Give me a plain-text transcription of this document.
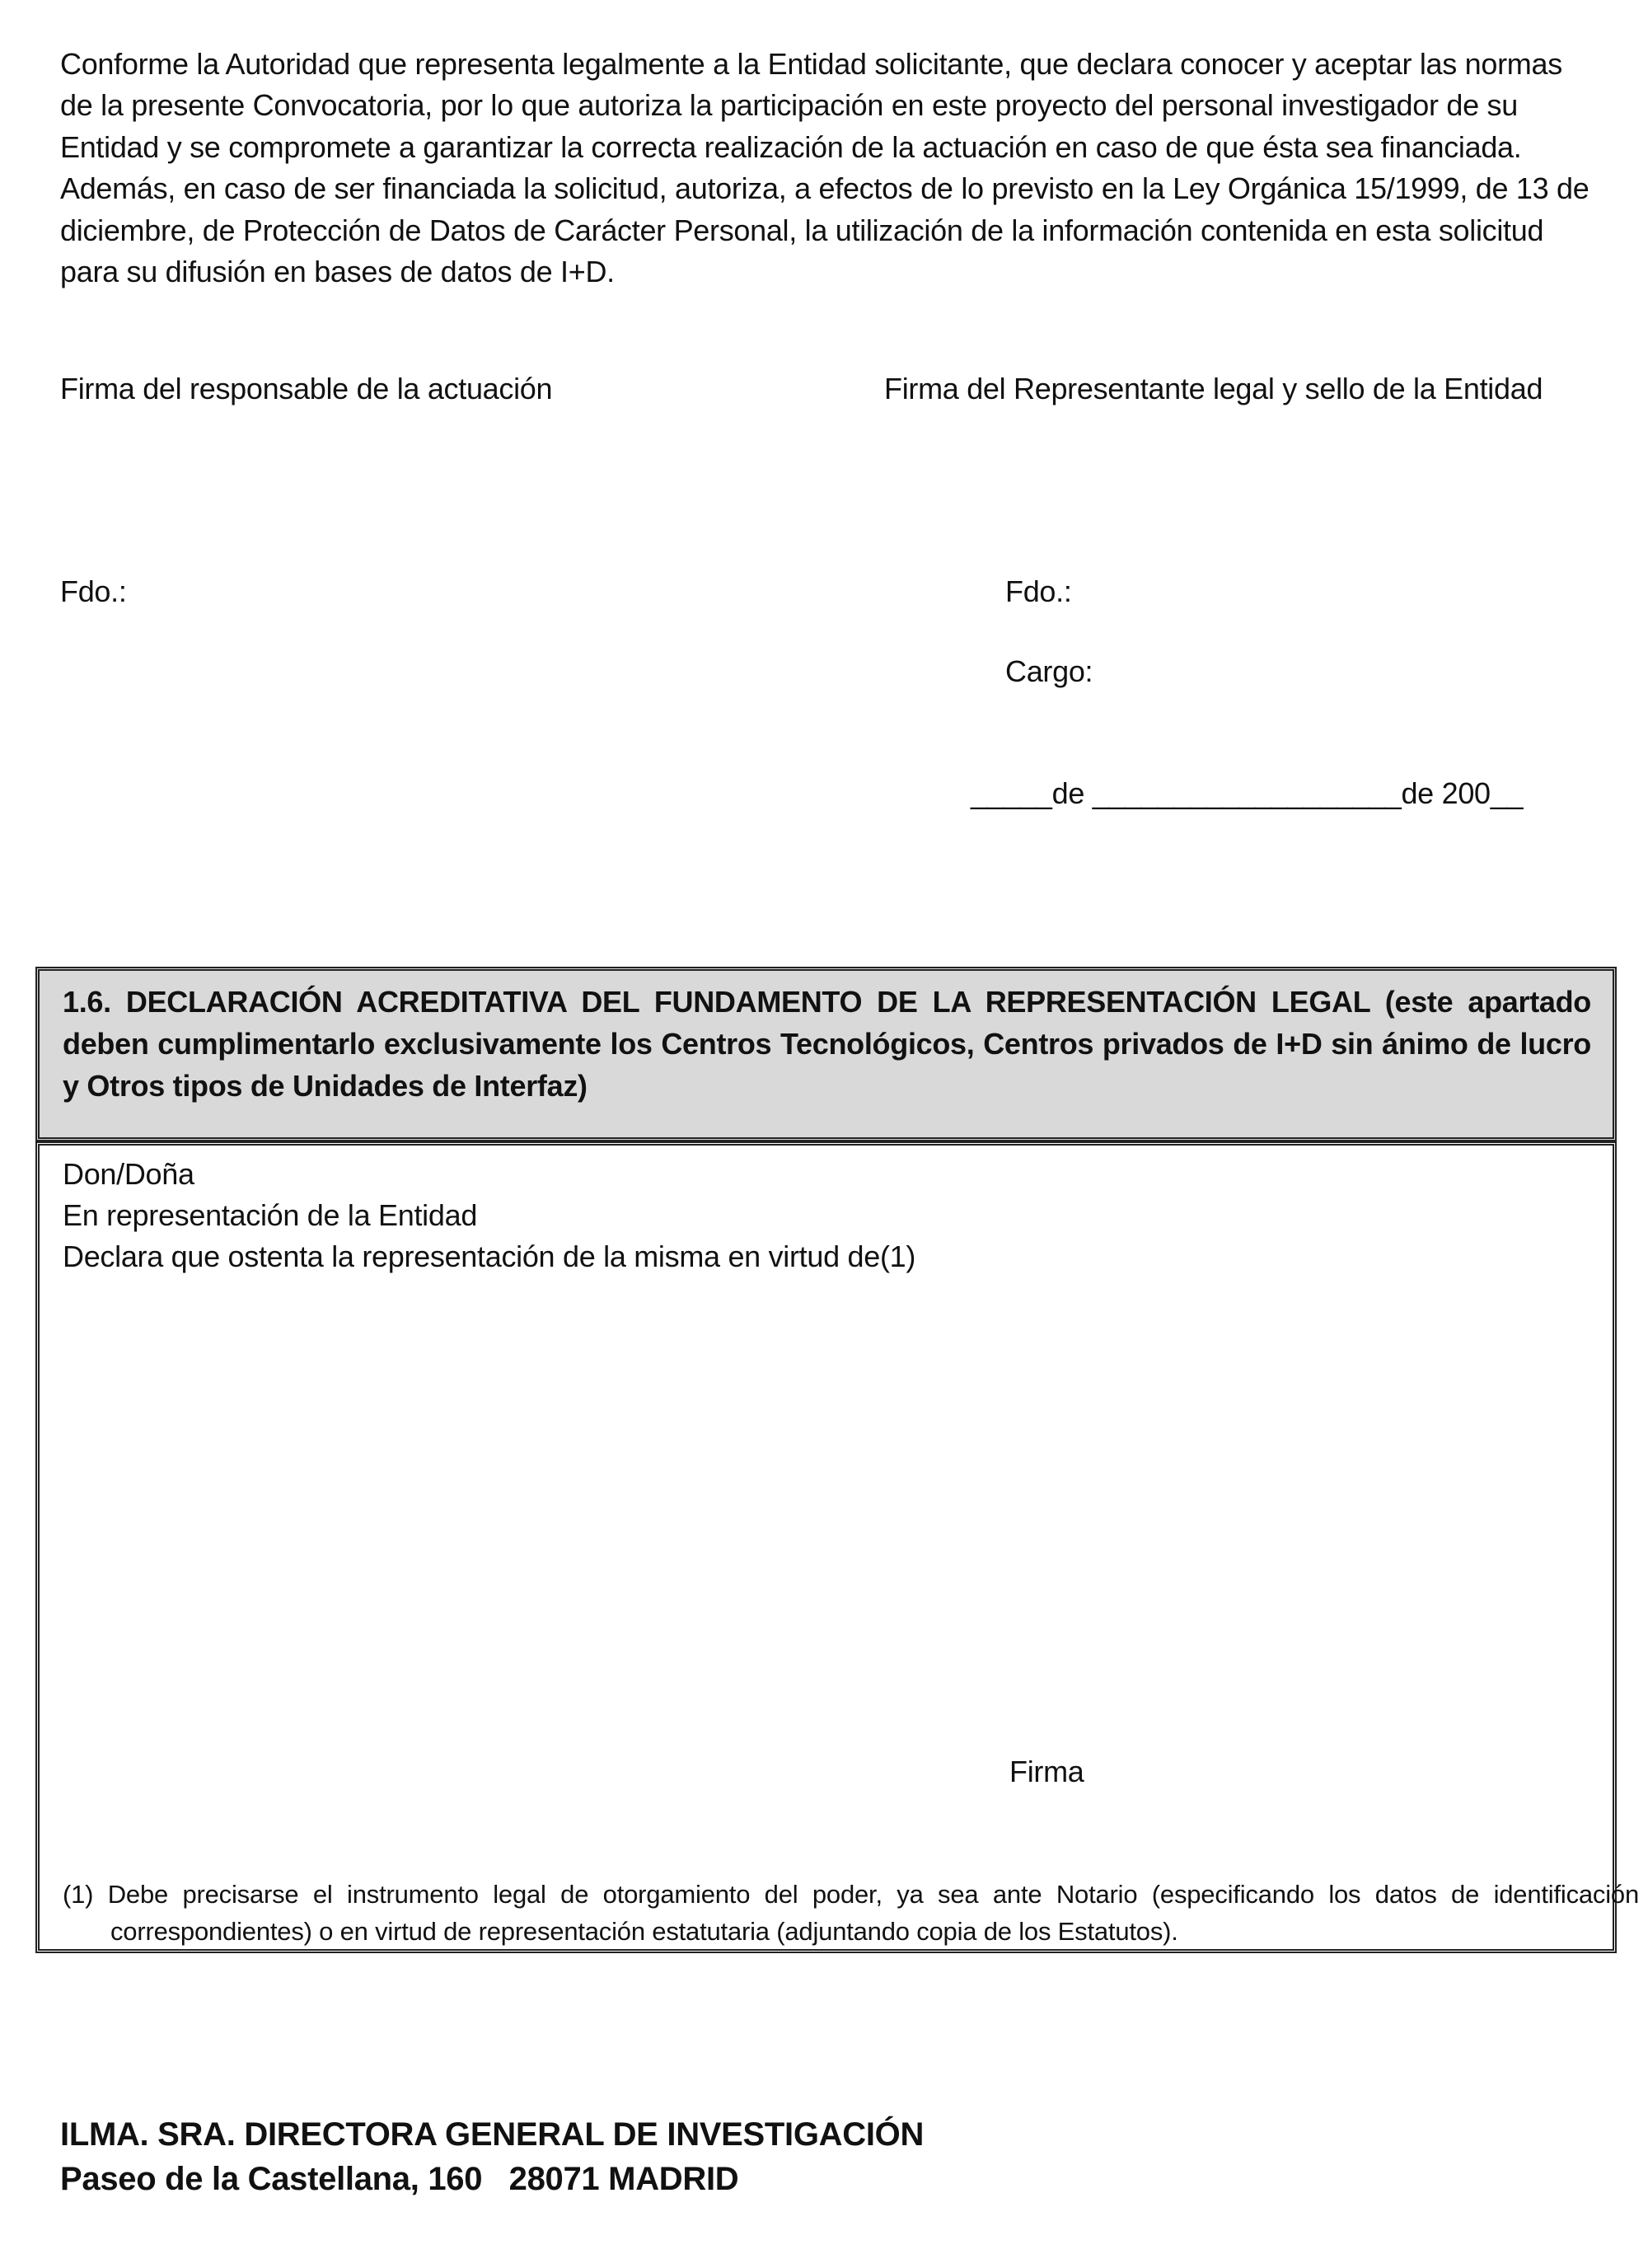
Conforme la Autoridad que representa legalmente a la Entidad solicitante, que declara conocer y aceptar las normas de la presente Convocatoria, por lo que autoriza la participación en este proyecto del personal investigador de su Entidad y se compromete a garantizar la correcta realización de la actuación en caso de que ésta sea financiada. Además, en caso de ser financiada la solicitud, autoriza, a efectos de lo previsto en la Ley Orgánica 15/1999, de 13 de diciembre, de Protección de Datos de Carácter Personal, la utilización de la información contenida en esta solicitud para su difusión en bases de datos de I+D.

Firma del responsable de la actuación	Firma del Representante legal y sello de la Entidad
Fdo.:	Fdo.:
Cargo:
_____de ___________________de 200__

1.6. DECLARACIÓN ACREDITATIVA DEL FUNDAMENTO DE LA REPRESENTACIÓN LEGAL (este apartado deben cumplimentarlo exclusivamente los Centros Tecnológicos, Centros privados de I+D sin ánimo de lucro y Otros tipos de Unidades de Interfaz)

Don/Doña
En representación de la Entidad
Declara que ostenta la representación de la misma en virtud de(1)
Firma

(1) Debe precisarse el instrumento legal de otorgamiento del poder, ya sea ante Notario (especificando los datos de identificación correspondientes) o en virtud de representación estatutaria (adjuntando copia de los Estatutos).

ILMA. SRA. DIRECTORA GENERAL DE INVESTIGACIÓN
Paseo de la Castellana, 160   28071 MADRID
